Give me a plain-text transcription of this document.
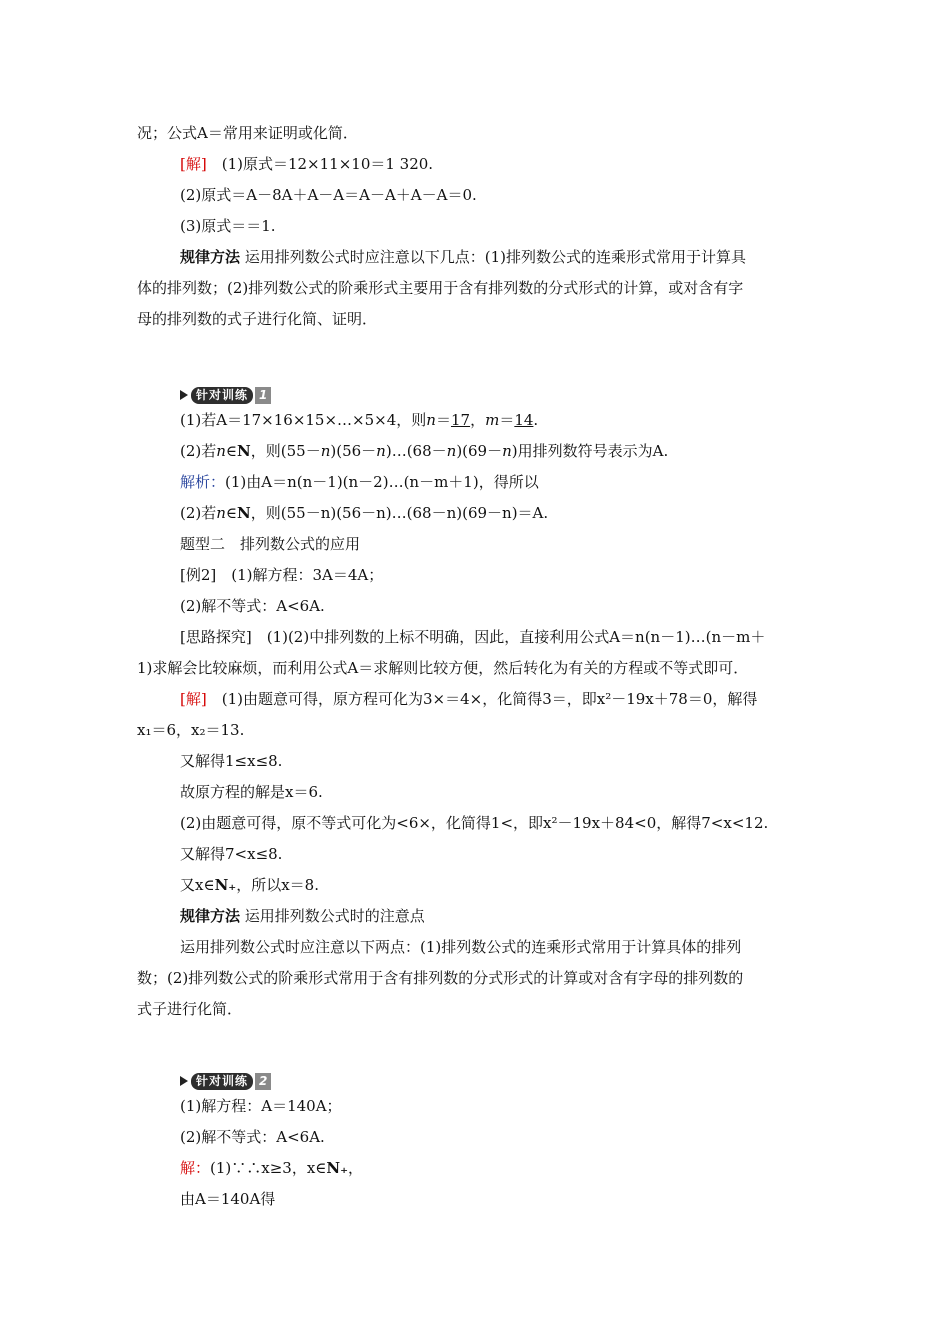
况；公式A＝常用来证明或化简．
[解]　(1)原式＝12×11×10＝1 320.
(2)原式＝A－8A＋A－A＝A－A＋A－A＝0.
(3)原式＝＝1.
规律方法 运用排列数公式时应注意以下几点：(1)排列数公式的连乘形式常用于计算具
体的排列数；(2)排列数公式的阶乘形式主要用于含有排列数的分式形式的计算，或对含有字
母的排列数的式子进行化简、证明．
针对训练 1
(1)若A＝17×16×15×…×5×4，则n＝17，m＝14.
(2)若n∈N，则(55－n)(56－n)…(68－n)(69－n)用排列数符号表示为A.
解析：(1)由A＝n(n－1)(n－2)…(n－m＋1)，得所以
(2)若n∈N，则(55－n)(56－n)…(68－n)(69－n)＝A.
题型二　排列数公式的应用
[例2]　(1)解方程：3A＝4A；
(2)解不等式：A<6A.
[思路探究]　(1)(2)中排列数的上标不明确，因此，直接利用公式A＝n(n－1)…(n－m＋
1)求解会比较麻烦，而利用公式A＝求解则比较方便，然后转化为有关的方程或不等式即可．
[解]　(1)由题意可得，原方程可化为3×＝4×，化简得3＝，即x²－19x＋78＝0，解得
x₁＝6，x₂＝13.
又解得1≤x≤8.
故原方程的解是x＝6.
(2)由题意可得，原不等式可化为<6×，化简得1<，即x²－19x＋84<0，解得7<x<12.
又解得7<x≤8.
又x∈N₊，所以x＝8.
规律方法 运用排列数公式时的注意点
运用排列数公式时应注意以下两点：(1)排列数公式的连乘形式常用于计算具体的排列
数；(2)排列数公式的阶乘形式常用于含有排列数的分式形式的计算或对含有字母的排列数的
式子进行化简．
针对训练 2
(1)解方程：A＝140A；
(2)解不等式：A<6A.
解：(1)∵∴x≥3，x∈N₊，
由A＝140A得
